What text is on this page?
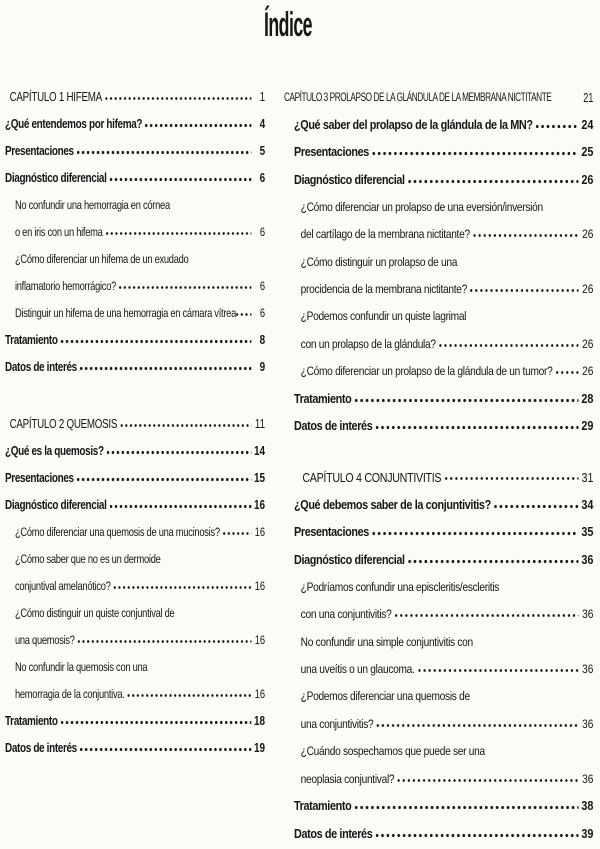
Índice
CAPÍTULO 1 HIFEMA	1
¿Qué entendemos por hifema?	4
Presentaciones	5
Diagnóstico diferencial	6
No confundir una hemorragia en córnea
o en iris con un hifema	6
¿Cómo diferenciar un hifema de un exudado
inflamatorio hemorrágico?	6
Distinguir un hifema de una hemorragia en cámara vítrea	6
Tratamiento	8
Datos de interés	9
CAPÍTULO 2 QUEMOSIS	11
¿Qué es la quemosis?	14
Presentaciones	15
Diagnóstico diferencial	16
¿Cómo diferenciar una quemosis de una mucinosis?	16
¿Cómo saber que no es un dermoide
conjuntival amelanótico?	16
¿Cómo distinguir un quiste conjuntival de
una quemosis?	16
No confundir la quemosis con una
hemorragia de la conjuntiva.	16
Tratamiento	18
Datos de interés	19
CAPÍTULO 3 PROLAPSO DE LA GLÁNDULA DE LA MEMBRANA NICTITANTE 21
¿Qué saber del prolapso de la glándula de la MN?	24
Presentaciones	25
Diagnóstico diferencial	26
¿Cómo diferenciar un prolapso de una eversión/inversión
del cartílago de la membrana nictitante?	26
¿Cómo distinguir un prolapso de una
procidencia de la membrana nictitante?	26
¿Podemos confundir un quiste lagrimal
con un prolapso de la glándula?	26
¿Cómo diferenciar un prolapso de la glándula de un tumor? 26
Tratamiento	28
Datos de interés	29
CAPÍTULO 4 CONJUNTIVITIS	31
¿Qué debemos saber de la conjuntivitis?	34
Presentaciones	35
Diagnóstico diferencial	36
¿Podríamos confundir una episcleritis/escleritis
con una conjuntivitis?	36
No confundir una simple conjuntivitis con
una uveítis o un glaucoma.	36
¿Podemos diferenciar una quemosis de
una conjuntivitis?	36
¿Cuándo sospechamos que puede ser una
neoplasia conjuntival?	36
Tratamiento	38
Datos de interés	39
